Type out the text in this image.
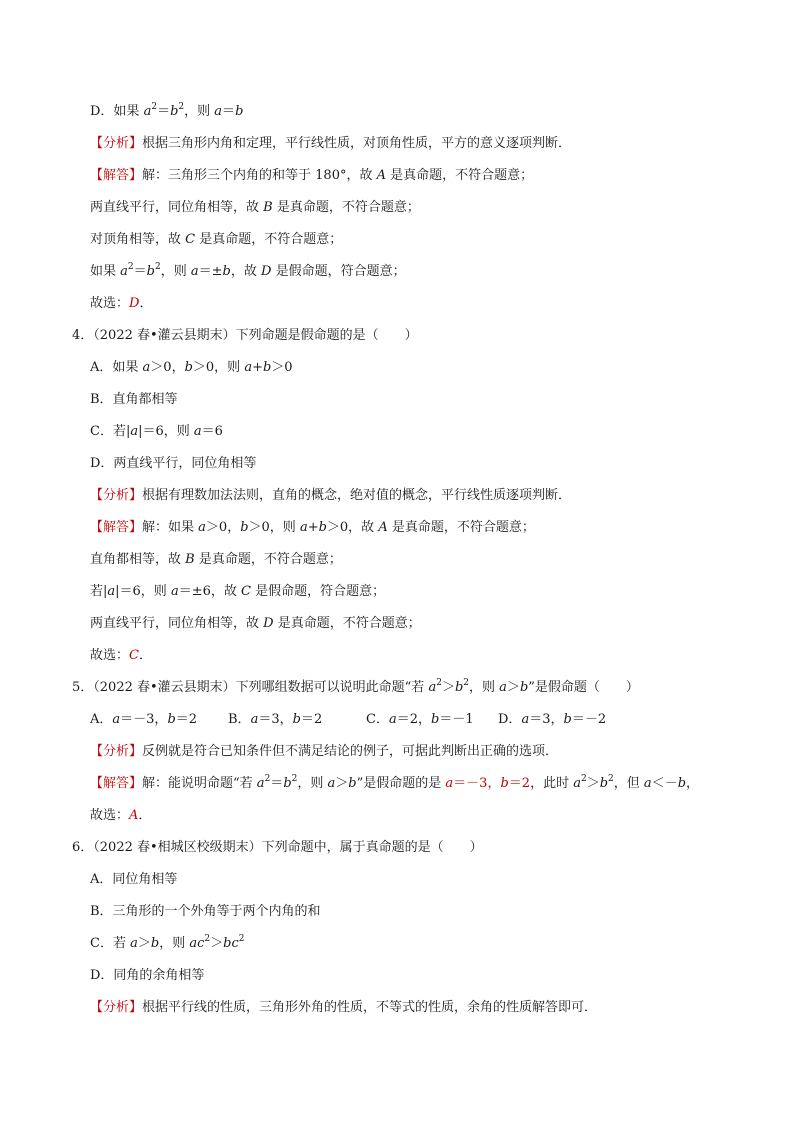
D．如果 $a^2=b^2$，则 a＝b
【分析】根据三角形内角和定理，平行线性质，对顶角性质，平方的意义逐项判断．
【解答】解：三角形三个内角的和等于 180°，故 A 是真命题，不符合题意；
两直线平行，同位角相等，故 B 是真命题，不符合题意；
对顶角相等，故 C 是真命题，不符合题意；
如果 $a^2=b^2$，则 a＝±b，故 D 是假命题，符合题意；
故选：D．
4．（2022 春•灌云县期末）下列命题是假命题的是（　　）
A．如果 a＞0，b＞0，则 a+b＞0
B．直角都相等
C．若|a|＝6，则 a＝6
D．两直线平行，同位角相等
【分析】根据有理数加法法则，直角的概念，绝对值的概念，平行线性质逐项判断．
【解答】解：如果 a＞0，b＞0，则 a+b＞0，故 A 是真命题，不符合题意；
直角都相等，故 B 是真命题，不符合题意；
若|a|＝6，则 a＝±6，故 C 是假命题，符合题意；
两直线平行，同位角相等，故 D 是真命题，不符合题意；
故选：C．
5．（2022 春•灌云县期末）下列哪组数据可以说明此命题“若 $a^2>b^2$，则 a＞b”是假命题（　　）
A．a＝－3，b＝2 B．a＝3，b＝2	C．a＝2，b＝－1 D．a＝3，b＝－2
【分析】反例就是符合已知条件但不满足结论的例子，可据此判断出正确的选项．
【解答】解：能说明命题“若 $a^2=b^2$，则 a＞b”是假命题的是 a＝－3，b＝2，此时 $a^2>b^2$，但 a＜－b，
故选：A．
6．（2022 春•相城区校级期末）下列命题中，属于真命题的是（　　）
A．同位角相等
B．三角形的一个外角等于两个内角的和
C．若 a＞b，则 $ac^2>bc^2$
D．同角的余角相等
【分析】根据平行线的性质，三角形外角的性质，不等式的性质，余角的性质解答即可．
